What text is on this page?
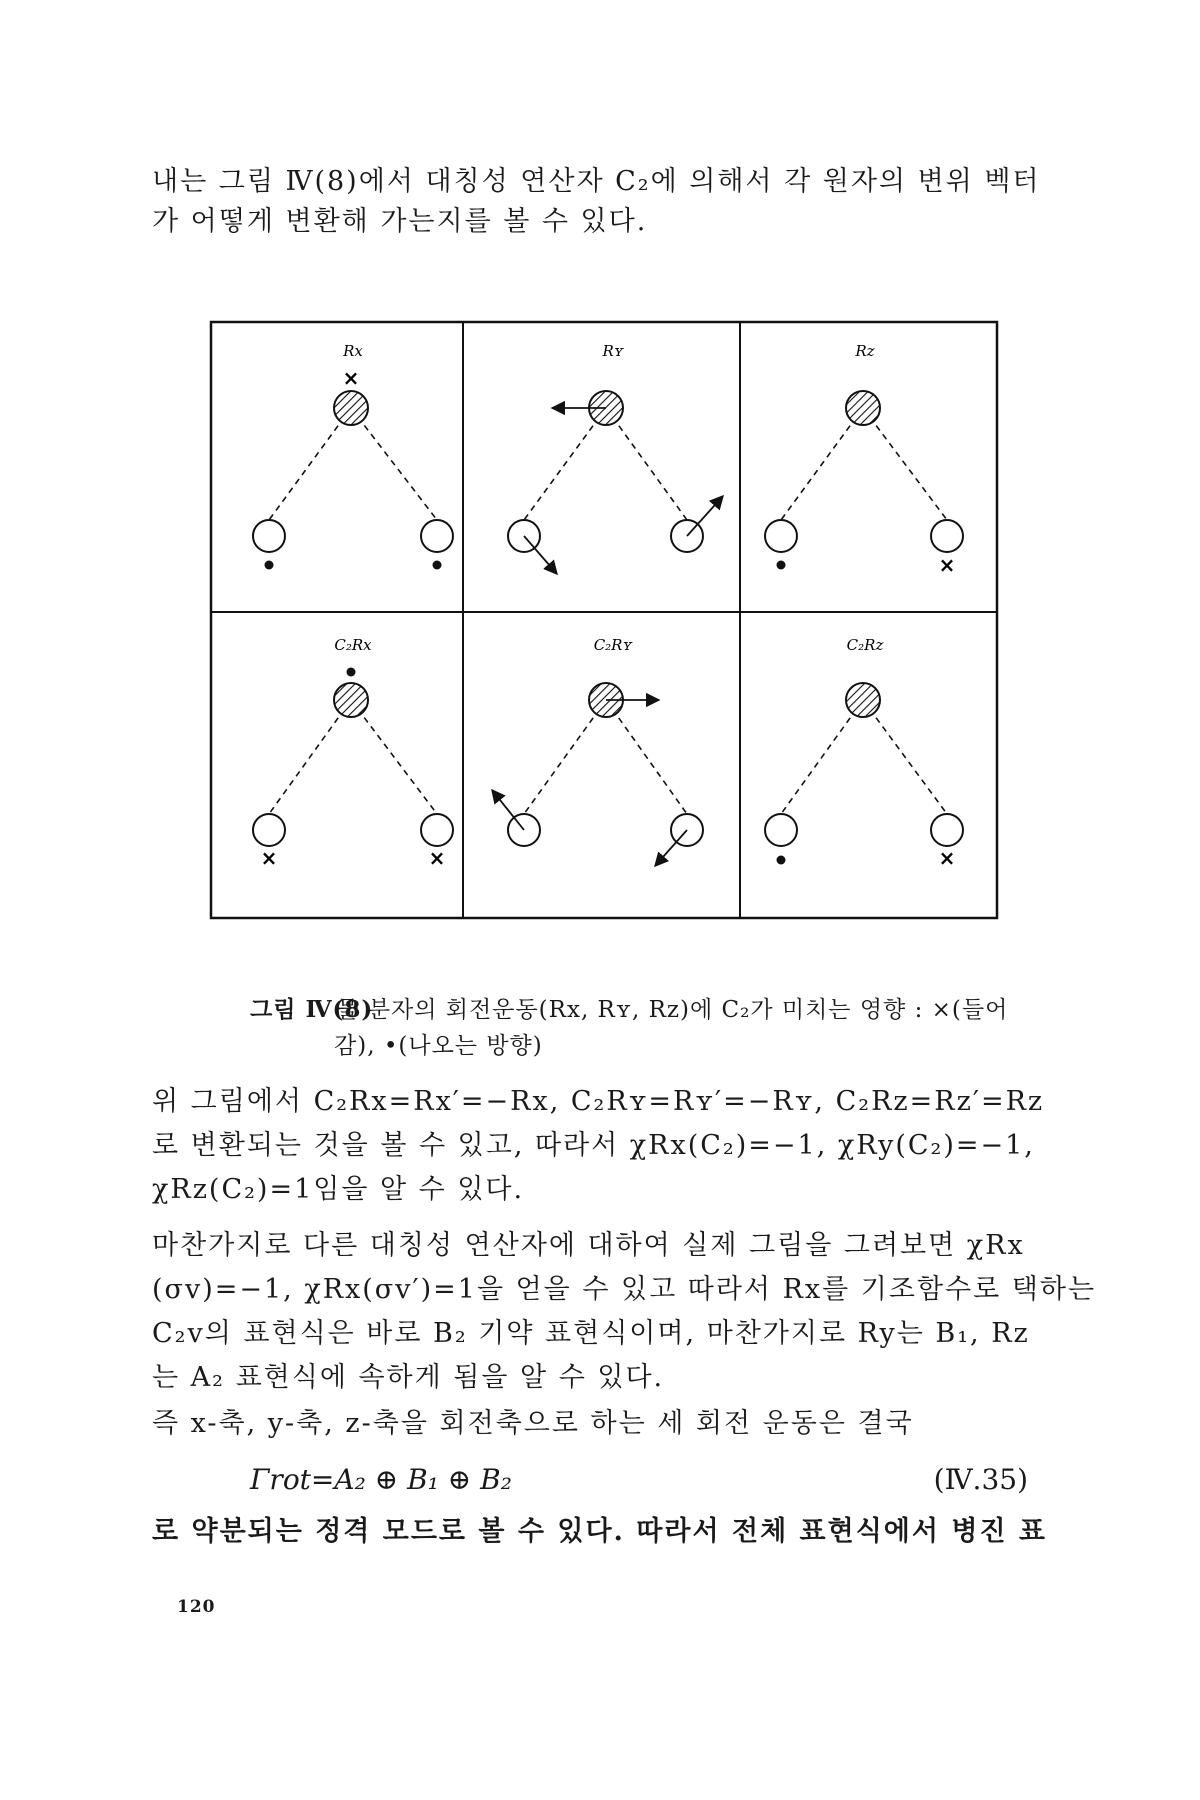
내는 그림 Ⅳ(8)에서 대칭성 연산자 C₂에 의해서 각 원자의 변위 벡터
가 어떻게 변환해 가는지를 볼 수 있다.
Rx	Rʏ	Rz
C₂Rx	C₂Rʏ	C₂Rz
×
×
×	×	×
그림 Ⅳ(8) 물 분자의 회전운동(Rx, Rʏ, Rz)에 C₂가 미치는 영향 : ×(들어
감), •(나오는 방향)
위 그림에서 C₂Rx=Rx′=−Rx, C₂Rʏ=Rʏ′=−Rʏ, C₂Rz=Rz′=Rz
로 변환되는 것을 볼 수 있고, 따라서 χRx(C₂)=−1, χRy(C₂)=−1,
χRz(C₂)=1임을 알 수 있다.
마찬가지로 다른 대칭성 연산자에 대하여 실제 그림을 그려보면 χRx
(σᴠ)=−1, χRx(σᴠ′)=1을 얻을 수 있고 따라서 Rx를 기조함수로 택하는
C₂ᴠ의 표현식은 바로 B₂ 기약 표현식이며, 마찬가지로 Ry는 B₁, Rz
는 A₂ 표현식에 속하게 됨을 알 수 있다.
즉 x-축, y-축, z-축을 회전축으로 하는 세 회전 운동은 결국
Γrot=A₂ ⊕ B₁ ⊕ B₂	(Ⅳ.35)
로 약분되는 정격 모드로 볼 수 있다. 따라서 전체 표현식에서 병진 표
120
